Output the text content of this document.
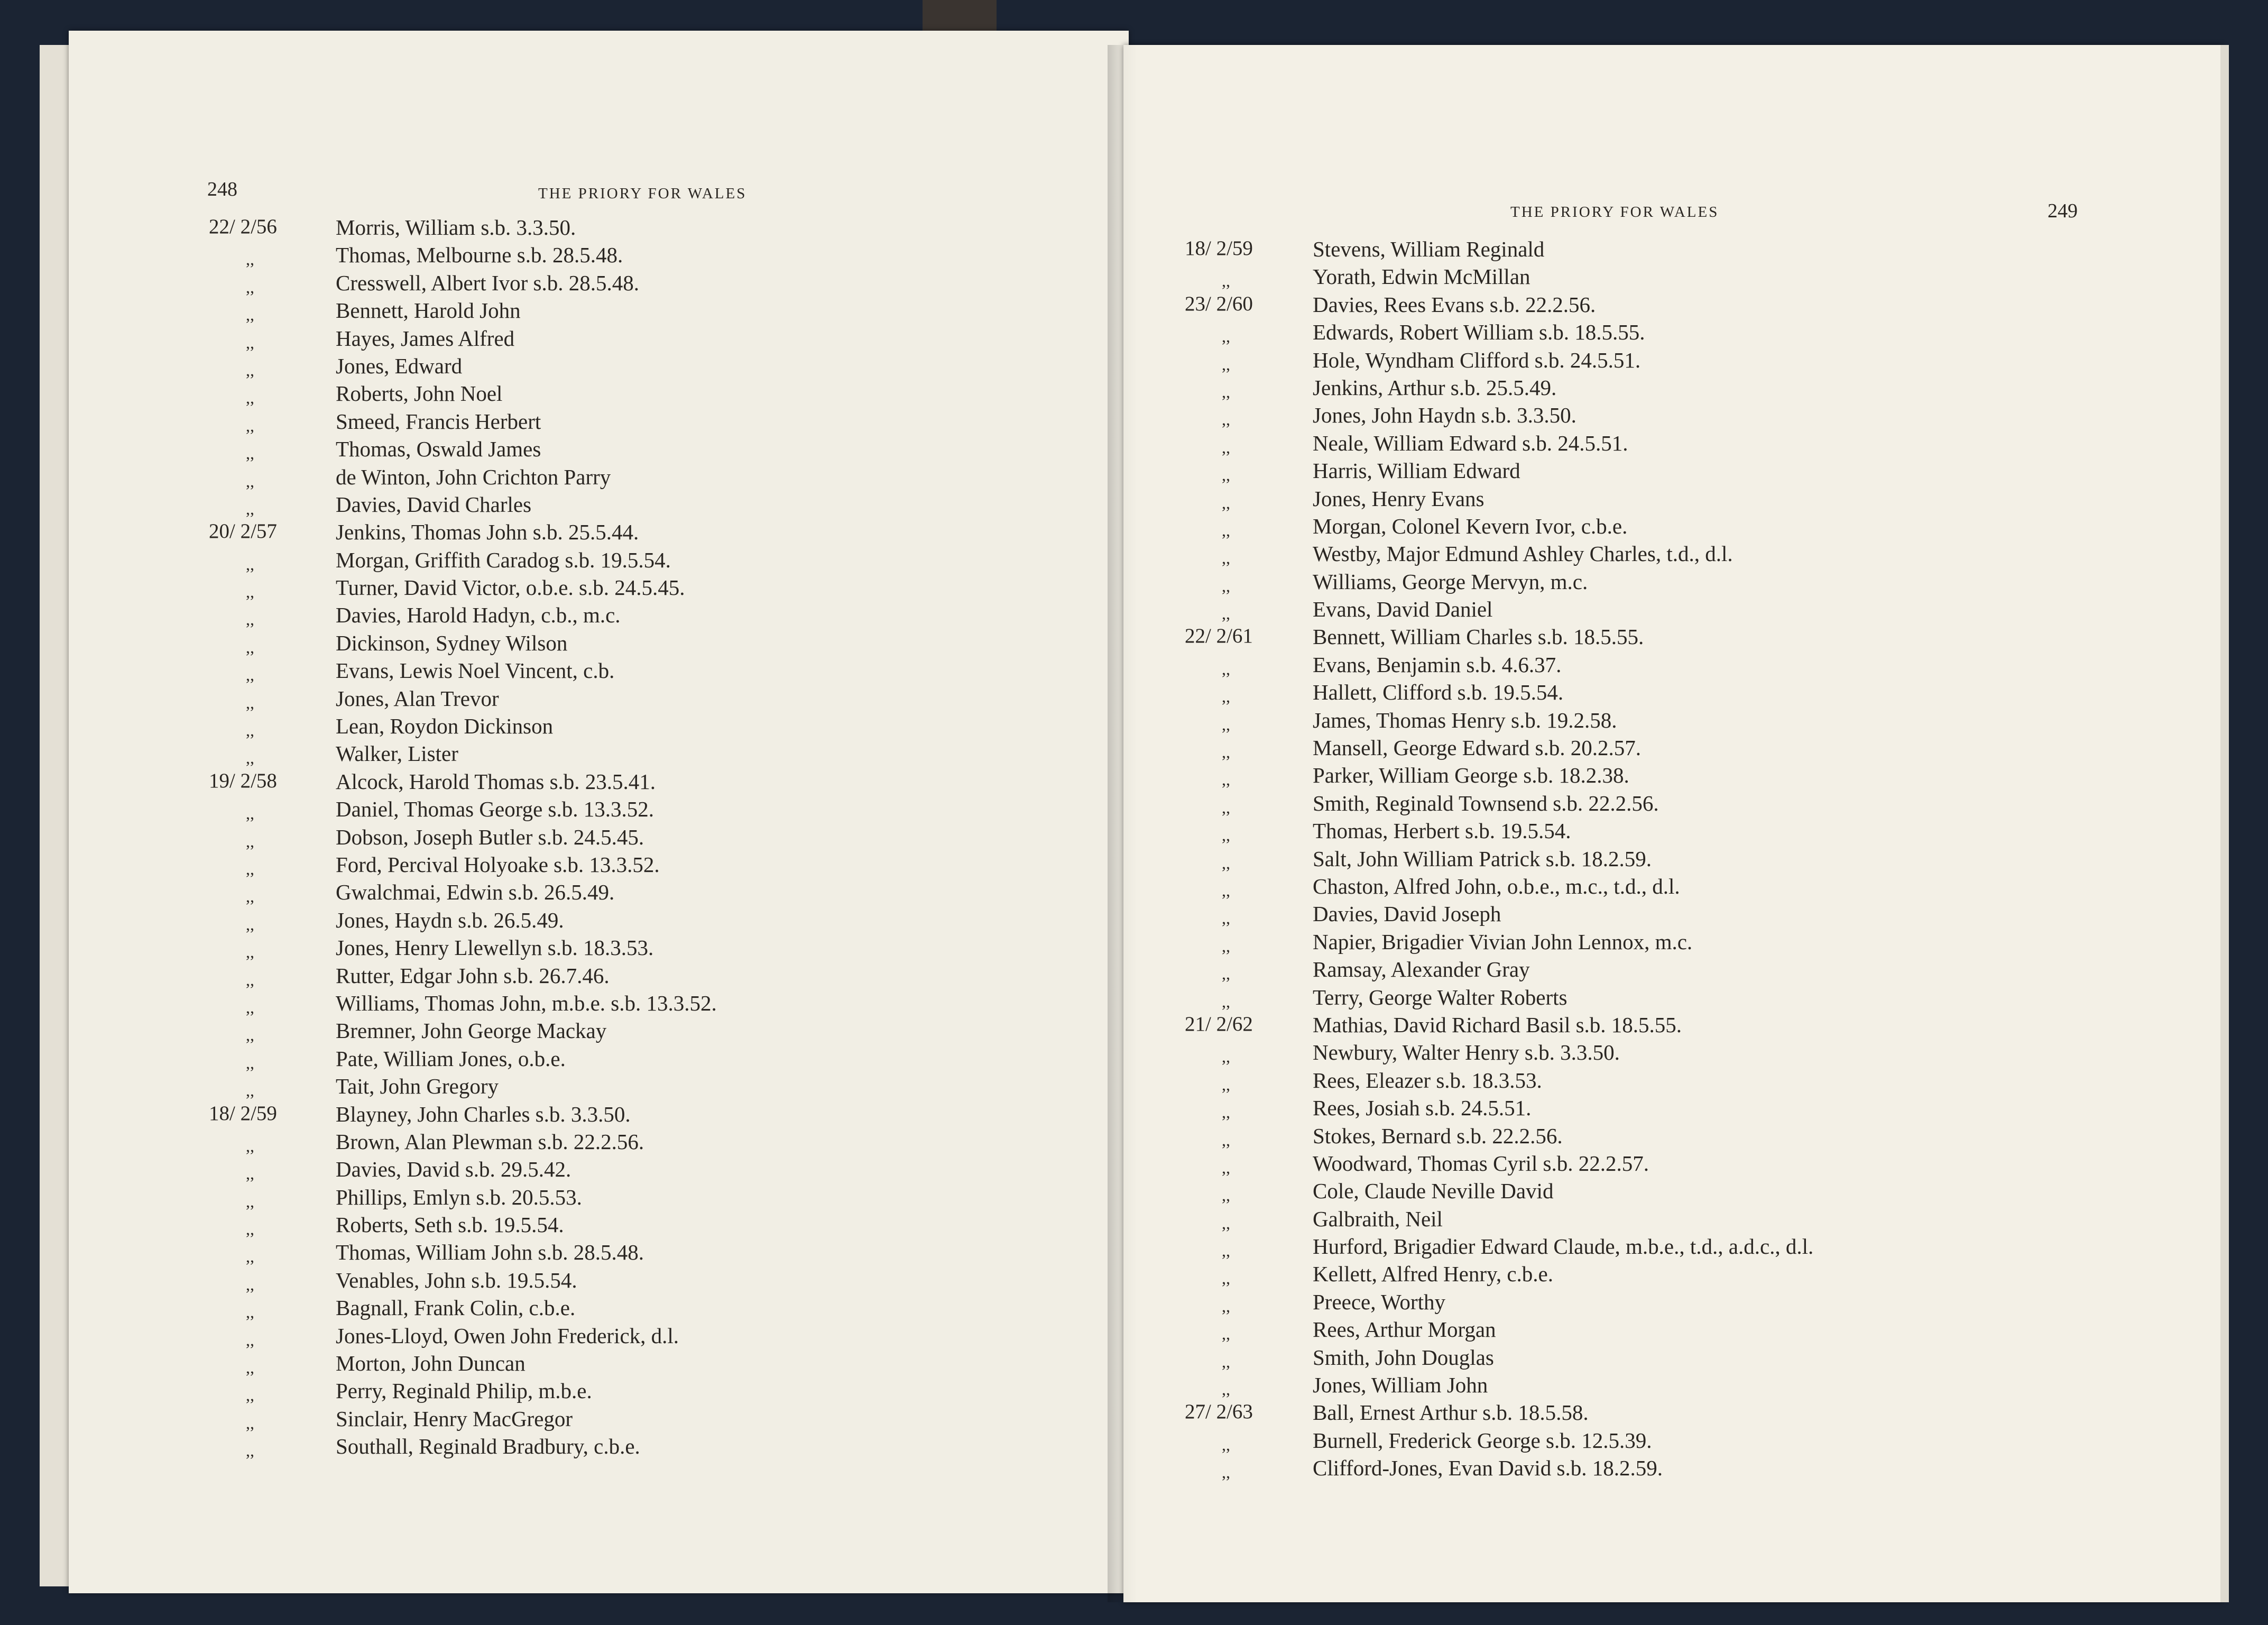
248	THE PRIORY FOR WALES
22/ 2/56	Morris, William s.b. 3.3.50.
,,	Thomas, Melbourne s.b. 28.5.48.
,,	Cresswell, Albert Ivor s.b. 28.5.48.
,,	Bennett, Harold John
,,	Hayes, James Alfred
,,	Jones, Edward
,,	Roberts, John Noel
,,	Smeed, Francis Herbert
,,	Thomas, Oswald James
,,	de Winton, John Crichton Parry
,,	Davies, David Charles
20/ 2/57	Jenkins, Thomas John s.b. 25.5.44.
,,	Morgan, Griffith Caradog s.b. 19.5.54.
,,	Turner, David Victor, o.b.e. s.b. 24.5.45.
,,	Davies, Harold Hadyn, c.b., m.c.
,,	Dickinson, Sydney Wilson
,,	Evans, Lewis Noel Vincent, c.b.
,,	Jones, Alan Trevor
,,	Lean, Roydon Dickinson
,,	Walker, Lister
19/ 2/58	Alcock, Harold Thomas s.b. 23.5.41.
,,	Daniel, Thomas George s.b. 13.3.52.
,,	Dobson, Joseph Butler s.b. 24.5.45.
,,	Ford, Percival Holyoake s.b. 13.3.52.
,,	Gwalchmai, Edwin s.b. 26.5.49.
,,	Jones, Haydn s.b. 26.5.49.
,,	Jones, Henry Llewellyn s.b. 18.3.53.
,,	Rutter, Edgar John s.b. 26.7.46.
,,	Williams, Thomas John, m.b.e. s.b. 13.3.52.
,,	Bremner, John George Mackay
,,	Pate, William Jones, o.b.e.
,,	Tait, John Gregory
18/ 2/59	Blayney, John Charles s.b. 3.3.50.
,,	Brown, Alan Plewman s.b. 22.2.56.
,,	Davies, David s.b. 29.5.42.
,,	Phillips, Emlyn s.b. 20.5.53.
,,	Roberts, Seth s.b. 19.5.54.
,,	Thomas, William John s.b. 28.5.48.
,,	Venables, John s.b. 19.5.54.
,,	Bagnall, Frank Colin, c.b.e.
,,	Jones-Lloyd, Owen John Frederick, d.l.
,,	Morton, John Duncan
,,	Perry, Reginald Philip, m.b.e.
,,	Sinclair, Henry MacGregor
,,	Southall, Reginald Bradbury, c.b.e.
THE PRIORY FOR WALES	249
18/ 2/59	Stevens, William Reginald
,,	Yorath, Edwin McMillan
23/ 2/60	Davies, Rees Evans s.b. 22.2.56.
,,	Edwards, Robert William s.b. 18.5.55.
,,	Hole, Wyndham Clifford s.b. 24.5.51.
,,	Jenkins, Arthur s.b. 25.5.49.
,,	Jones, John Haydn s.b. 3.3.50.
,,	Neale, William Edward s.b. 24.5.51.
,,	Harris, William Edward
,,	Jones, Henry Evans
,,	Morgan, Colonel Kevern Ivor, c.b.e.
,,	Westby, Major Edmund Ashley Charles, t.d., d.l.
,,	Williams, George Mervyn, m.c.
,,	Evans, David Daniel
22/ 2/61	Bennett, William Charles s.b. 18.5.55.
,,	Evans, Benjamin s.b. 4.6.37.
,,	Hallett, Clifford s.b. 19.5.54.
,,	James, Thomas Henry s.b. 19.2.58.
,,	Mansell, George Edward s.b. 20.2.57.
,,	Parker, William George s.b. 18.2.38.
,,	Smith, Reginald Townsend s.b. 22.2.56.
,,	Thomas, Herbert s.b. 19.5.54.
,,	Salt, John William Patrick s.b. 18.2.59.
,,	Chaston, Alfred John, o.b.e., m.c., t.d., d.l.
,,	Davies, David Joseph
,,	Napier, Brigadier Vivian John Lennox, m.c.
,,	Ramsay, Alexander Gray
,,	Terry, George Walter Roberts
21/ 2/62	Mathias, David Richard Basil s.b. 18.5.55.
,,	Newbury, Walter Henry s.b. 3.3.50.
,,	Rees, Eleazer s.b. 18.3.53.
,,	Rees, Josiah s.b. 24.5.51.
,,	Stokes, Bernard s.b. 22.2.56.
,,	Woodward, Thomas Cyril s.b. 22.2.57.
,,	Cole, Claude Neville David
,,	Galbraith, Neil
,,	Hurford, Brigadier Edward Claude, m.b.e., t.d., a.d.c., d.l.
,,	Kellett, Alfred Henry, c.b.e.
,,	Preece, Worthy
,,	Rees, Arthur Morgan
,,	Smith, John Douglas
,,	Jones, William John
27/ 2/63	Ball, Ernest Arthur s.b. 18.5.58.
,,	Burnell, Frederick George s.b. 12.5.39.
,,	Clifford-Jones, Evan David s.b. 18.2.59.
